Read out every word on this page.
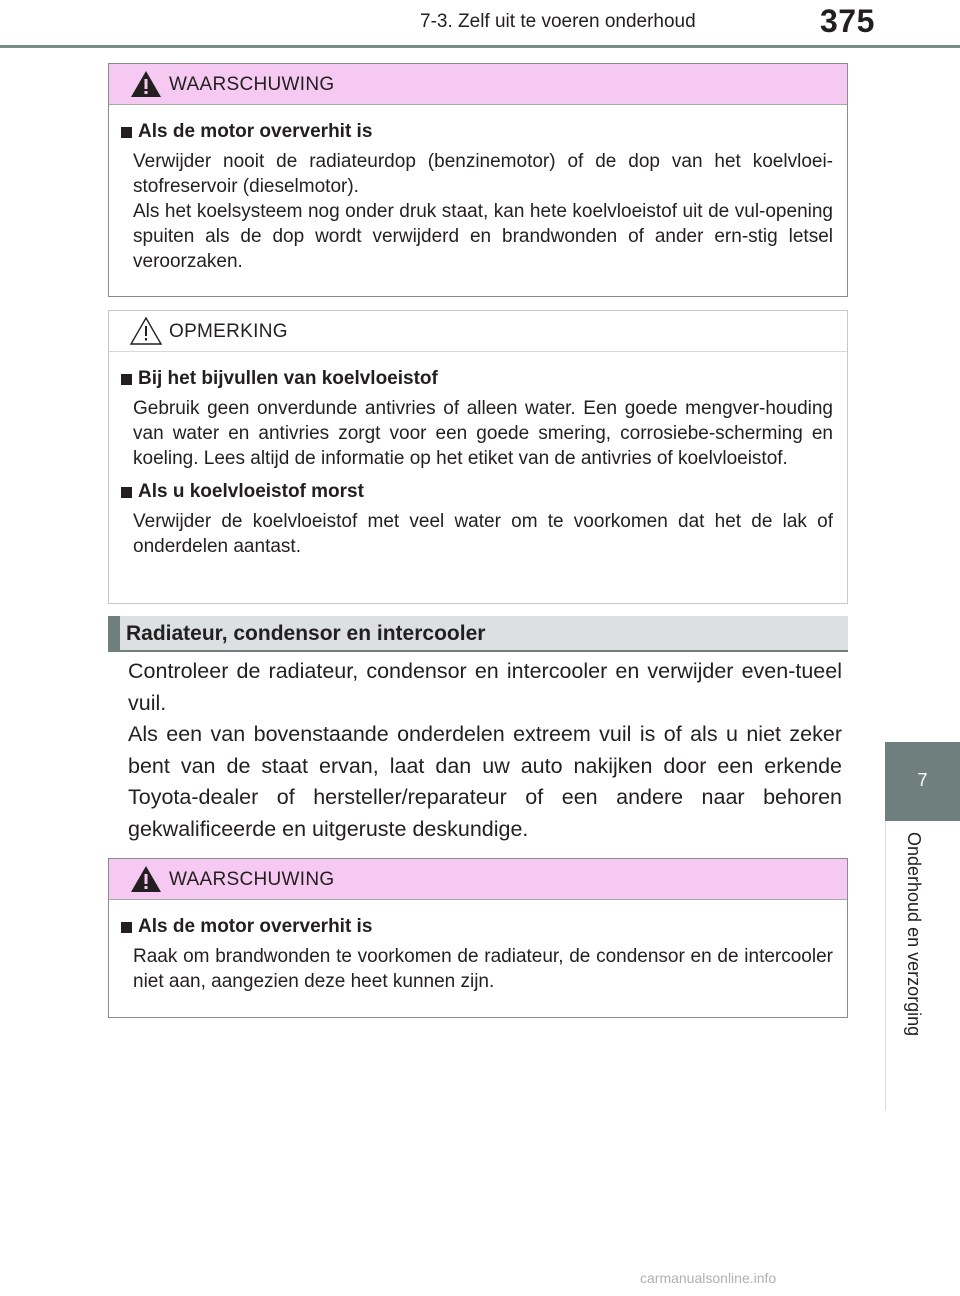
7-3. Zelf uit te voeren onderhoud	375
7
Onderhoud en verzorging
WAARSCHUWING
Als de motor oververhit is

Verwijder nooit de radiateurdop (benzinemotor) of de dop van het koelvloei-stofreservoir (dieselmotor).

Als het koelsysteem nog onder druk staat, kan hete koelvloeistof uit de vul-opening spuiten als de dop wordt verwijderd en brandwonden of ander ern-stig letsel veroorzaken.

OPMERKING
Bij het bijvullen van koelvloeistof

Gebruik geen onverdunde antivries of alleen water. Een goede mengver-houding van water en antivries zorgt voor een goede smering, corrosiebe-scherming en koeling. Lees altijd de informatie op het etiket van de antivries of koelvloeistof.

Als u koelvloeistof morst

Verwijder de koelvloeistof met veel water om te voorkomen dat het de lak of onderdelen aantast.

Radiateur, condensor en intercooler

Controleer de radiateur, condensor en intercooler en verwijder even-tueel vuil.

Als een van bovenstaande onderdelen extreem vuil is of als u niet zeker bent van de staat ervan, laat dan uw auto nakijken door een erkende Toyota-dealer of hersteller/reparateur of een andere naar behoren gekwalificeerde en uitgeruste deskundige.

WAARSCHUWING
Als de motor oververhit is

Raak om brandwonden te voorkomen de radiateur, de condensor en de intercooler niet aan, aangezien deze heet kunnen zijn.

carmanualsonline.info
